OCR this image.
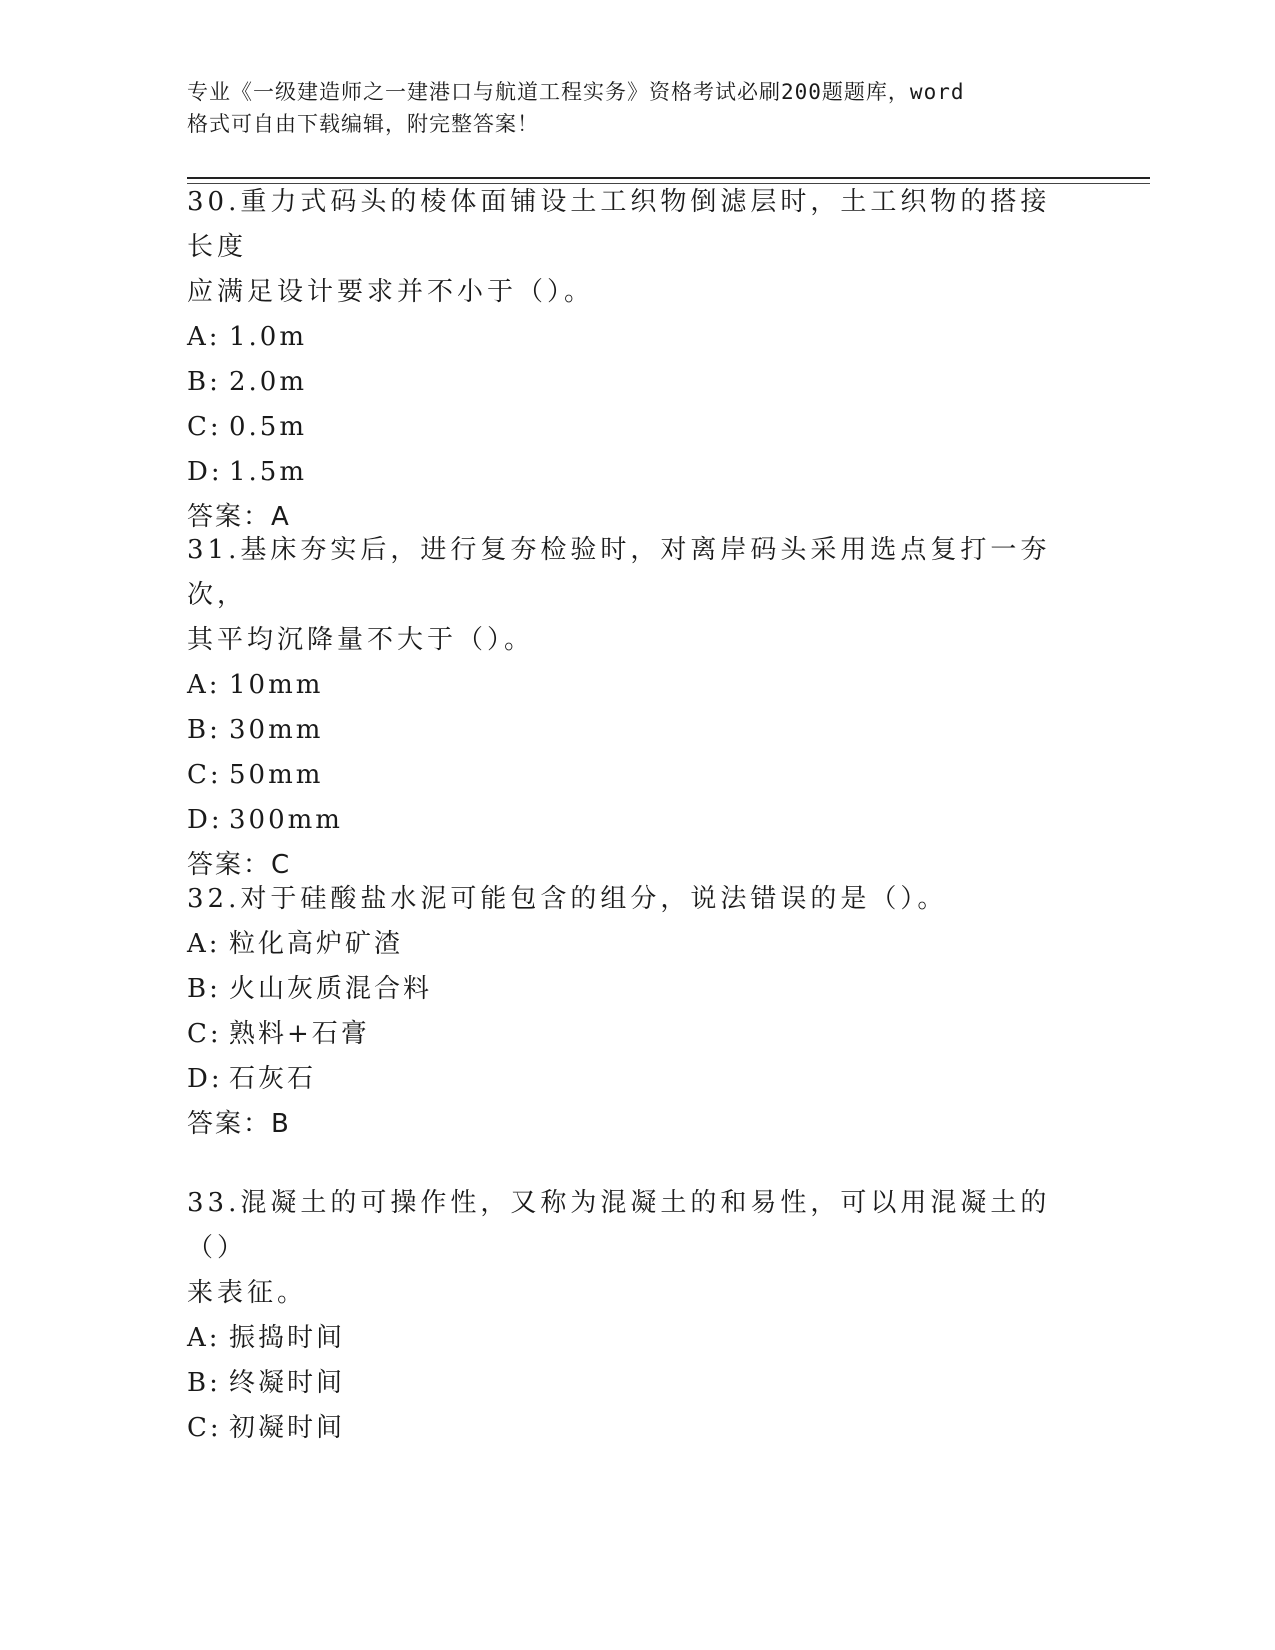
专业《一级建造师之一建港口与航道工程实务》资格考试必刷200题题库，word
格式可自由下载编辑，附完整答案！

30.重力式码头的棱体面铺设土工织物倒滤层时，土工织物的搭接长度
应满足设计要求并不小于（）。

A: 1.0m

B: 2.0m

C: 0.5m

D: 1.5m

答案：A

31.基床夯实后，进行复夯检验时，对离岸码头采用选点复打一夯次，
其平均沉降量不大于（）。

A: 10mm

B: 30mm

C: 50mm

D: 300mm

答案：C

32.对于硅酸盐水泥可能包含的组分，说法错误的是（）。

A: 粒化高炉矿渣

B: 火山灰质混合料

C: 熟料+石膏

D: 石灰石

答案：B

33.混凝土的可操作性，又称为混凝土的和易性，可以用混凝土的（）
来表征。

A: 振捣时间

B: 终凝时间

C: 初凝时间
